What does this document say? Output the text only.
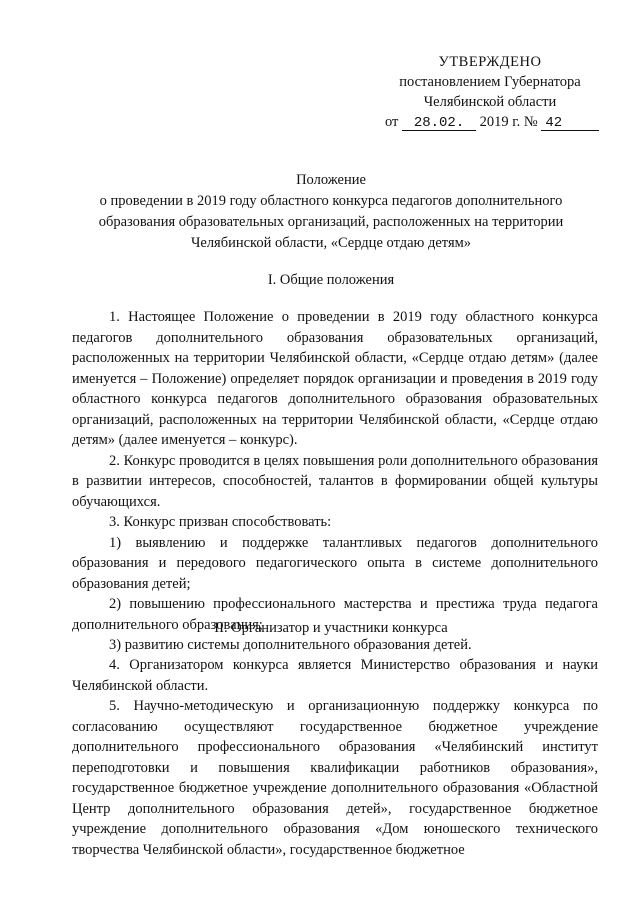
УТВЕРЖДЕНО
постановлением Губернатора
Челябинской области
от 28.02. 2019 г. № 42
Положение
о проведении в 2019 году областного конкурса педагогов дополнительного
образования образовательных организаций, расположенных на территории
Челябинской области, «Сердце отдаю детям»
I. Общие положения

1. Настоящее Положение о проведении в 2019 году областного конкурса педагогов дополнительного образования образовательных организаций, расположенных на территории Челябинской области, «Сердце отдаю детям» (далее именуется – Положение) определяет порядок организации и проведения в 2019 году областного конкурса педагогов дополнительного образования образовательных организаций, расположенных на территории Челябинской области, «Сердце отдаю детям» (далее именуется – конкурс).

2. Конкурс проводится в целях повышения роли дополнительного образования в развитии интересов, способностей, талантов в формировании общей культуры обучающихся.

3. Конкурс призван способствовать:

1) выявлению и поддержке талантливых педагогов дополнительного образования и передового педагогического опыта в системе дополнительного образования детей;

2) повышению профессионального мастерства и престижа труда педагога дополнительного образования;

3) развитию системы дополнительного образования детей.

II. Организатор и участники конкурса

4. Организатором конкурса является Министерство образования и науки Челябинской области.

5. Научно-методическую и организационную поддержку конкурса по согласованию осуществляют государственное бюджетное учреждение дополнительного профессионального образования «Челябинский институт переподготовки и повышения квалификации работников образования», государственное бюджетное учреждение дополнительного образования «Областной Центр дополнительного образования детей», государственное бюджетное учреждение дополнительного образования «Дом юношеского технического творчества Челябинской области», государственное бюджетное
